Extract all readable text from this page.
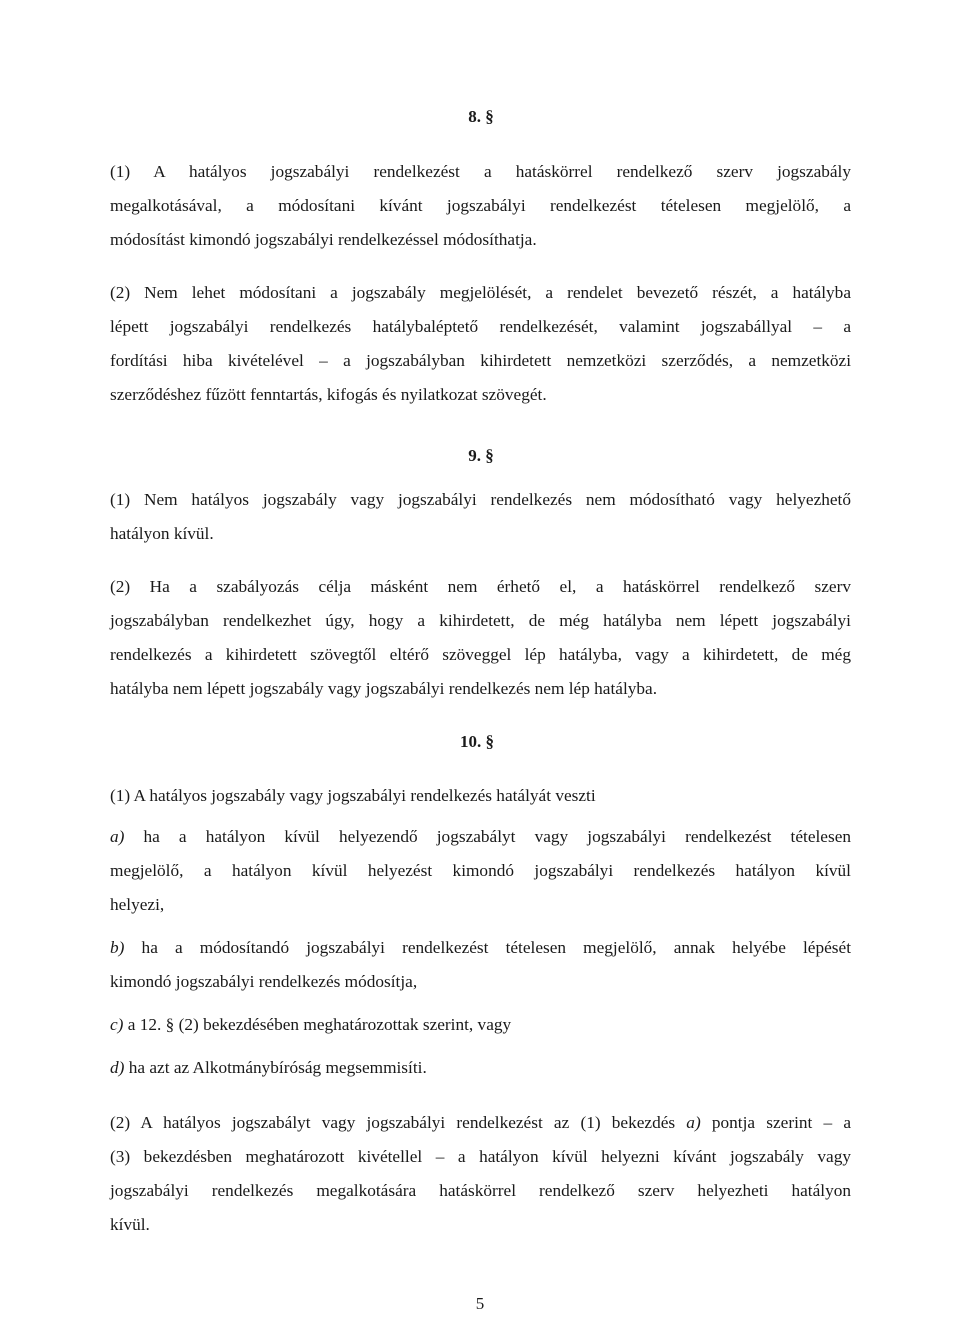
8. §
(1) A hatályos jogszabályi rendelkezést a hatáskörrel rendelkező szerv jogszabály
megalkotásával, a módosítani kívánt jogszabályi rendelkezést tételesen megjelölő, a
módosítást kimondó jogszabályi rendelkezéssel módosíthatja.
(2) Nem lehet módosítani a jogszabály megjelölését, a rendelet bevezető részét, a hatályba
lépett jogszabályi rendelkezés hatálybaléptető rendelkezését, valamint jogszabállyal – a
fordítási hiba kivételével – a jogszabályban kihirdetett nemzetközi szerződés, a nemzetközi
szerződéshez fűzött fenntartás, kifogás és nyilatkozat szövegét.
9. §
(1) Nem hatályos jogszabály vagy jogszabályi rendelkezés nem módosítható vagy helyezhető
hatályon kívül.
(2) Ha a szabályozás célja másként nem érhető el, a hatáskörrel rendelkező szerv
jogszabályban rendelkezhet úgy, hogy a kihirdetett, de még hatályba nem lépett jogszabályi
rendelkezés a kihirdetett szövegtől eltérő szöveggel lép hatályba, vagy a kihirdetett, de még
hatályba nem lépett jogszabály vagy jogszabályi rendelkezés nem lép hatályba.
10. §
(1) A hatályos jogszabály vagy jogszabályi rendelkezés hatályát veszti
a) ha a hatályon kívül helyezendő jogszabályt vagy jogszabályi rendelkezést tételesen
megjelölő, a hatályon kívül helyezést kimondó jogszabályi rendelkezés hatályon kívül
helyezi,
b) ha a módosítandó jogszabályi rendelkezést tételesen megjelölő, annak helyébe lépését
kimondó jogszabályi rendelkezés módosítja,
c) a 12. § (2) bekezdésében meghatározottak szerint, vagy
d) ha azt az Alkotmánybíróság megsemmisíti.
(2) A hatályos jogszabályt vagy jogszabályi rendelkezést az (1) bekezdés a) pontja szerint – a
(3) bekezdésben meghatározott kivétellel – a hatályon kívül helyezni kívánt jogszabály vagy
jogszabályi rendelkezés megalkotására hatáskörrel rendelkező szerv helyezheti hatályon
kívül.
5
